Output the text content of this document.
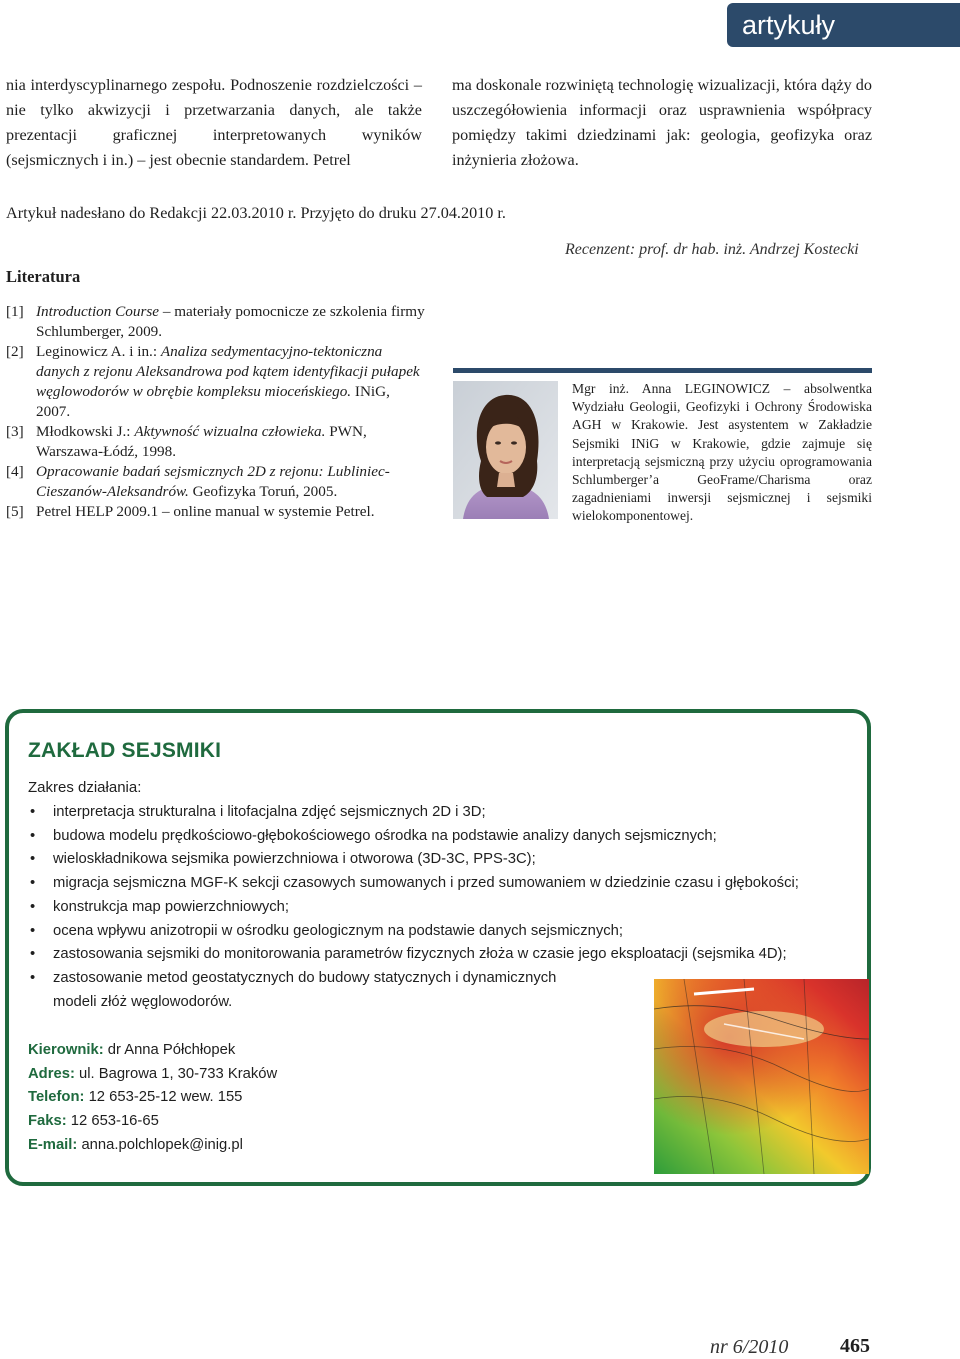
artykuły
nia interdyscyplinarnego zespołu. Podnoszenie rozdzielczości – nie tylko akwizycji i przetwarzania danych, ale także prezentacji graficznej interpretowanych wyników (sejsmicznych i in.) – jest obecnie standardem. Petrel
ma doskonale rozwiniętą technologię wizualizacji, która dąży do uszczegółowienia informacji oraz usprawnienia współpracy pomiędzy takimi dziedzinami jak: geologia, geofizyka oraz inżynieria złożowa.
Artykuł nadesłano do Redakcji 22.03.2010 r. Przyjęto do druku 27.04.2010 r.
Recenzent: prof. dr hab. inż. Andrzej Kostecki
Literatura
[1] Introduction Course – materiały pomocnicze ze szkolenia firmy Schlumberger, 2009.
[2] Leginowicz A. i in.: Analiza sedymentacyjno-tektoniczna danych z rejonu Aleksandrowa pod kątem identyfikacji pułapek węglowodorów w obrębie kompleksu mioceńskiego. INiG, 2007.
[3] Młodkowski J.: Aktywność wizualna człowieka. PWN, Warszawa-Łódź, 1998.
[4] Opracowanie badań sejsmicznych 2D z rejonu: Lubliniec-Cieszanów-Aleksandrów. Geofizyka Toruń, 2005.
[5] Petrel HELP 2009.1 – online manual w systemie Petrel.
Mgr inż. Anna LEGINOWICZ – absolwentka Wydziału Geologii, Geofizyki i Ochrony Środowiska AGH w Krakowie. Jest asystentem w Zakładzie Sejsmiki INiG w Krakowie, gdzie zajmuje się interpretacją sejsmiczną przy użyciu oprogramowania Schlumberger’a GeoFrame/Charisma oraz zagadnieniami inwersji sejsmicznej i sejsmiki wielokomponentowej.
ZAKŁAD SEJSMIKI
Zakres działania:
• interpretacja strukturalna i litofacjalna zdjęć sejsmicznych 2D i 3D;
• budowa modelu prędkościowo-głębokościowego ośrodka na podstawie analizy danych sejsmicznych;
• wieloskładnikowa sejsmika powierzchniowa i otworowa (3D-3C, PPS-3C);
• migracja sejsmiczna MGF-K sekcji czasowych sumowanych i przed sumowaniem w dziedzinie czasu i głębokości;
• konstrukcja map powierzchniowych;
• ocena wpływu anizotropii w ośrodku geologicznym na podstawie danych sejsmicznych;
• zastosowania sejsmiki do monitorowania parametrów fizycznych złoża w czasie jego eksploatacji (sejsmika 4D);
• zastosowanie metod geostatycznych do budowy statycznych i dynamicznych
modeli złóż węglowodorów.
Kierownik: dr Anna Półchłopek
Adres: ul. Bagrowa 1, 30-733 Kraków
Telefon: 12 653-25-12 wew. 155
Faks: 12 653-16-65
E-mail: anna.polchlopek@inig.pl
nr 6/2010	465
